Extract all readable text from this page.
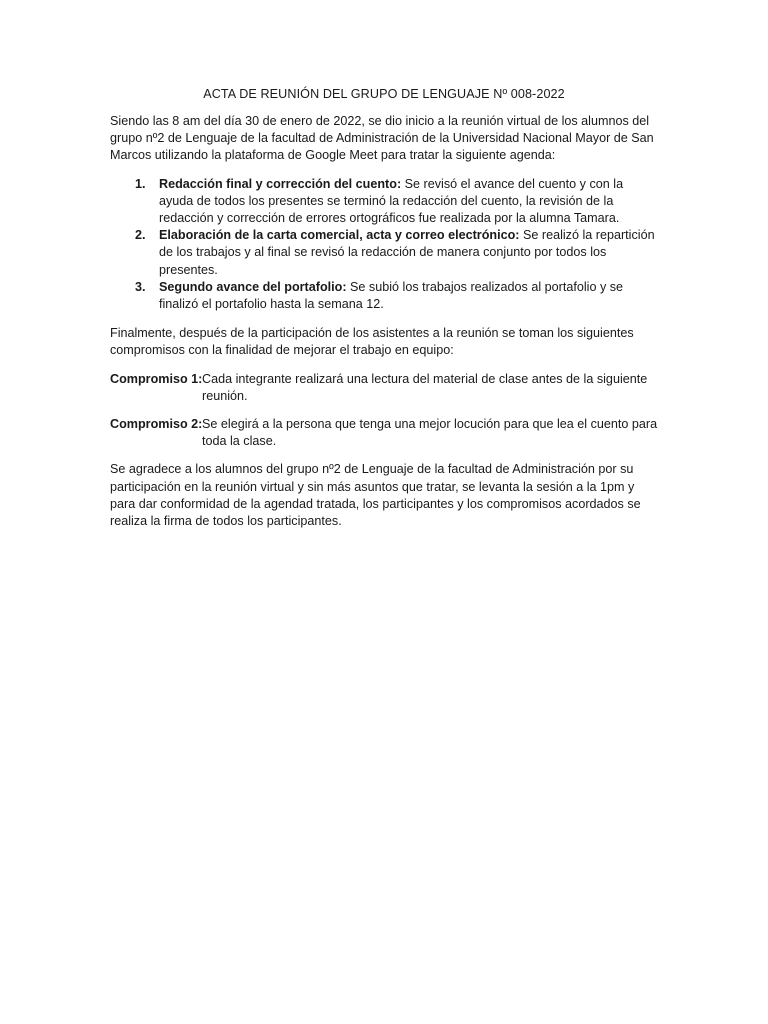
ACTA DE REUNIÓN DEL GRUPO DE LENGUAJE Nº 008-2022

Siendo las 8 am del día 30 de enero de 2022, se dio inicio a la reunión virtual de los alumnos del grupo nº2 de Lenguaje de la facultad de Administración de la Universidad Nacional Mayor de San Marcos utilizando la plataforma de Google Meet para tratar la siguiente agenda:

1. Redacción final y corrección del cuento: Se revisó el avance del cuento y con la ayuda de todos los presentes se terminó la redacción del cuento, la revisión de la redacción y corrección de errores ortográficos fue realizada por la alumna Tamara.
2. Elaboración de la carta comercial, acta y correo electrónico: Se realizó la repartición de los trabajos y al final se revisó la redacción de manera conjunto por todos los presentes.
3. Segundo avance del portafolio: Se subió los trabajos realizados al portafolio y se finalizó el portafolio hasta la semana 12.

Finalmente, después de la participación de los asistentes a la reunión se toman los siguientes compromisos con la finalidad de mejorar el trabajo en equipo:

Compromiso 1: Cada integrante realizará una lectura del material de clase antes de la siguiente reunión.
Compromiso 2: Se elegirá a la persona que tenga una mejor locución para que lea el cuento para toda la clase.

Se agradece a los alumnos del grupo nº2 de Lenguaje de la facultad de Administración por su participación en la reunión virtual y sin más asuntos que tratar, se levanta la sesión a la 1pm y para dar conformidad de la agendad tratada, los participantes y los compromisos acordados se realiza la firma de todos los participantes.
